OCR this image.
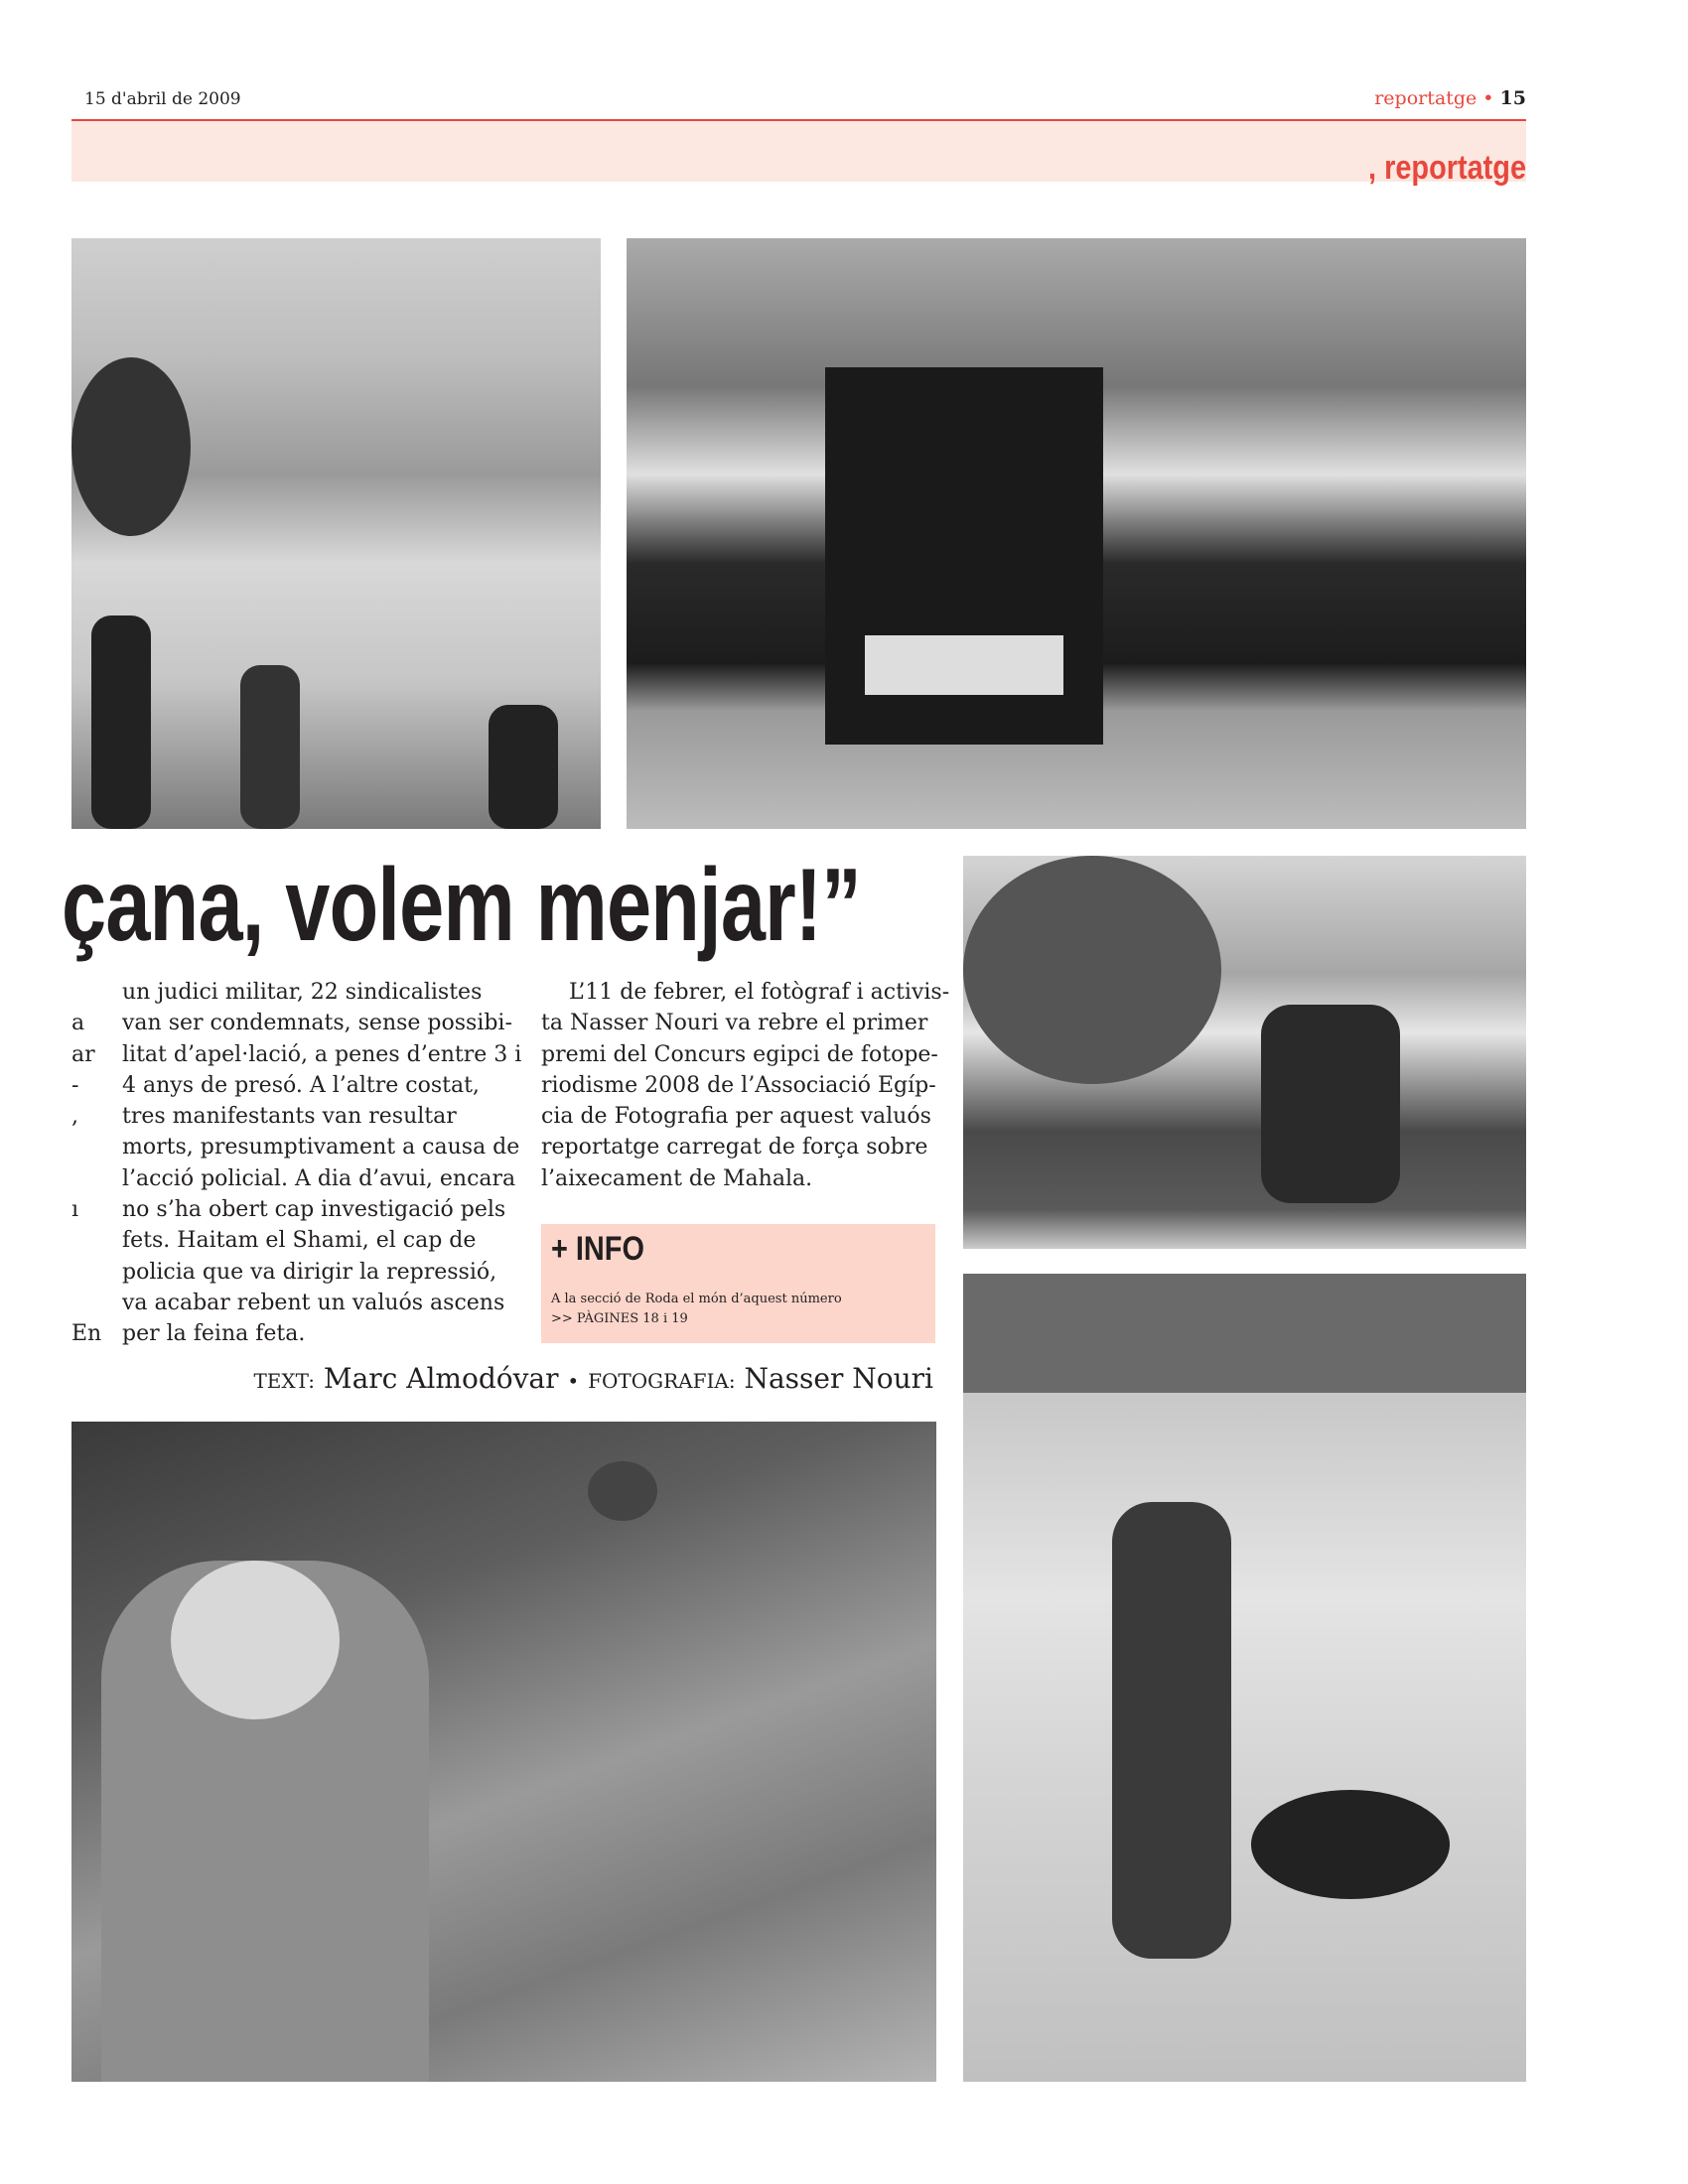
15 d'abril de 2009	reportatge • 15
, reportatge
çana, volem menjar!”

a
ar
-
,

ı

En
un judici militar, 22 sindicalistes
van ser condemnats, sense possibi-
litat d’apel·lació, a penes d’entre 3 i
4 anys de presó. A l’altre costat,
tres manifestants van resultar
morts, presumptivament a causa de
l’acció policial. A dia d’avui, encara
no s’ha obert cap investigació pels
fets. Haitam el Shami, el cap de
policia que va dirigir la repressió,
va acabar rebent un valuós ascens
per la feina feta.
L’11 de febrer, el fotògraf i activis-
ta Nasser Nouri va rebre el primer
premi del Concurs egipci de fotope-
riodisme 2008 de l’Associació Egíp-
cia de Fotografia per aquest valuós
reportatge carregat de força sobre
l’aixecament de Mahala.
+ INFO
A la secció de Roda el món d’aquest número
>> PÀGINES 18 i 19
TEXT: Marc Almodóvar • FOTOGRAFIA: Nasser Nouri
